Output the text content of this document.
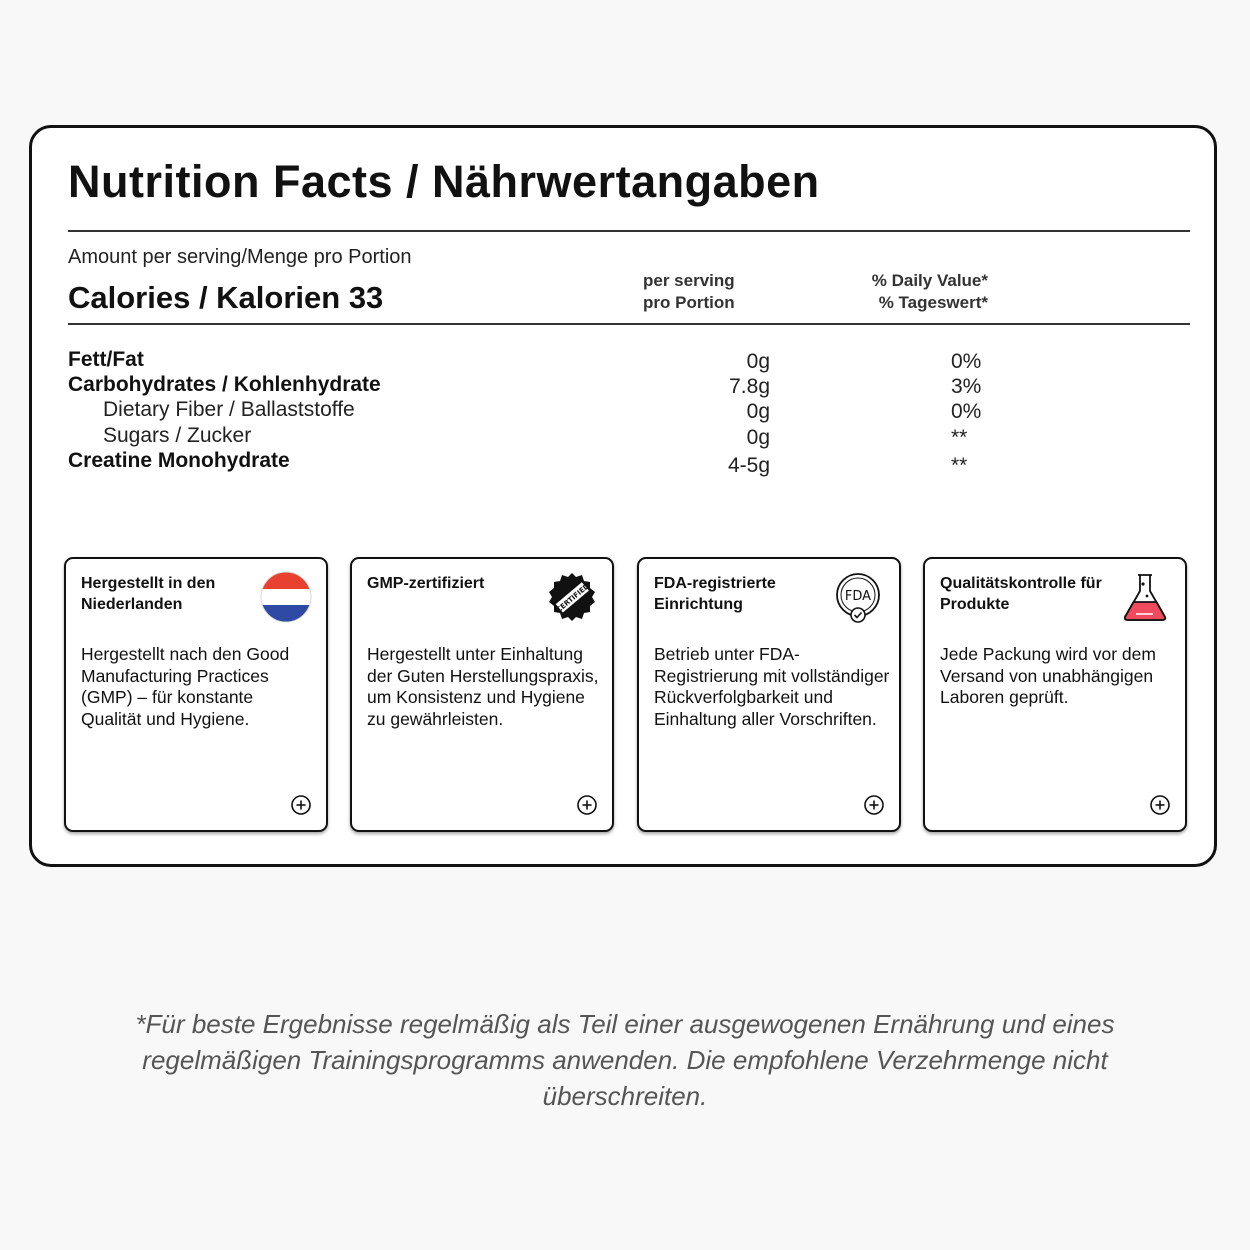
Nutrition Facts / Nährwertangaben
Amount per serving/Menge pro Portion
Calories / Kalorien 33	per serving
pro Portion
% Daily Value*
% Tageswert*
Fett/Fat	0g	0%
Carbohydrates / Kohlenhydrate	7.8g	3%
Dietary Fiber / Ballaststoffe	0g	0%
Sugars / Zucker	0g	**
Creatine Monohydrate	4-5g	**
Hergestellt in den Niederlanden
Hergestellt nach den Good Manufacturing Practices (GMP) – für konstante Qualität und Hygiene.
GMP-zertifiziert	CERTIFIED
Hergestellt unter Einhaltung der Guten Herstellungspraxis, um Konsistenz und Hygiene zu gewährleisten.
FDA-registrierte Einrichtung	FDA
Betrieb unter FDA-Registrierung mit vollständiger Rückverfolgbarkeit und Einhaltung aller Vorschriften.
Qualitätskontrolle für Produkte
Jede Packung wird vor dem Versand von unabhängigen Laboren geprüft.
*Für beste Ergebnisse regelmäßig als Teil einer ausgewogenen Ernährung und eines regelmäßigen Trainingsprogramms anwenden. Die empfohlene Verzehrmenge nicht überschreiten.
